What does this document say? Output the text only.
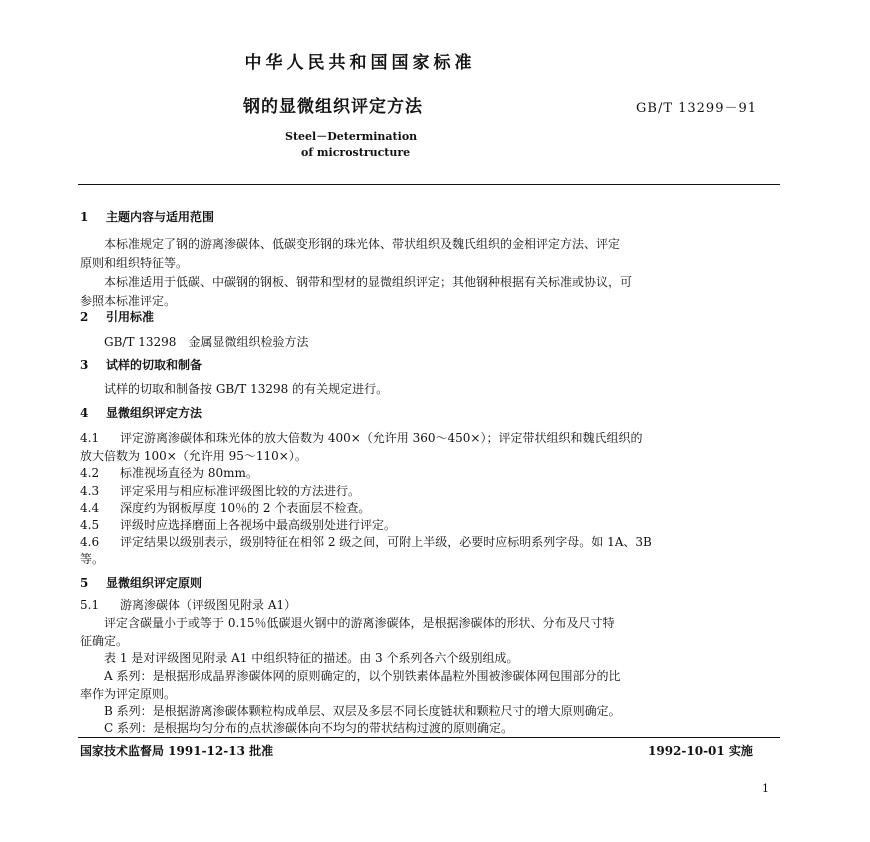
中华人民共和国国家标准
钢的显微组织评定方法	GB/T 13299－91
Steel－Determination
of microstructure
1 主题内容与适用范围
本标准规定了钢的游离渗碳体、低碳变形钢的珠光体、带状组织及魏氏组织的金相评定方法、评定
原则和组织特征等。
本标准适用于低碳、中碳钢的钢板、钢带和型材的显微组织评定；其他钢种根据有关标准或协议，可
参照本标准评定。
2 引用标准
GB/T 13298　金属显微组织检验方法
3 试样的切取和制备
试样的切取和制备按 GB/T 13298 的有关规定进行。
4 显微组织评定方法
4.1 评定游离渗碳体和珠光体的放大倍数为 400×（允许用 360～450×）；评定带状组织和魏氏组织的
放大倍数为 100×（允许用 95～110×）。
4.2 标准视场直径为 80mm。
4.3 评定采用与相应标准评级图比较的方法进行。
4.4 深度约为钢板厚度 10％的 2 个表面层不检查。
4.5 评级时应选择磨面上各视场中最高级别处进行评定。
4.6 评定结果以级别表示，级别特征在相邻 2 级之间，可附上半级，必要时应标明系列字母。如 1A、3B
等。
5 显微组织评定原则
5.1 游离渗碳体（评级图见附录 A1）
评定含碳量小于或等于 0.15％低碳退火钢中的游离渗碳体，是根据渗碳体的形状、分布及尺寸特
征确定。
表 1 是对评级图见附录 A1 中组织特征的描述。由 3 个系列各六个级别组成。
A 系列：是根据形成晶界渗碳体网的原则确定的，以个别铁素体晶粒外围被渗碳体网包围部分的比
率作为评定原则。
B 系列：是根据游离渗碳体颗粒构成单层、双层及多层不同长度链状和颗粒尺寸的增大原则确定。
C 系列：是根据均匀分布的点状渗碳体向不均匀的带状结构过渡的原则确定。
国家技术监督局 1991-12-13 批准	1992-10-01 实施
1
